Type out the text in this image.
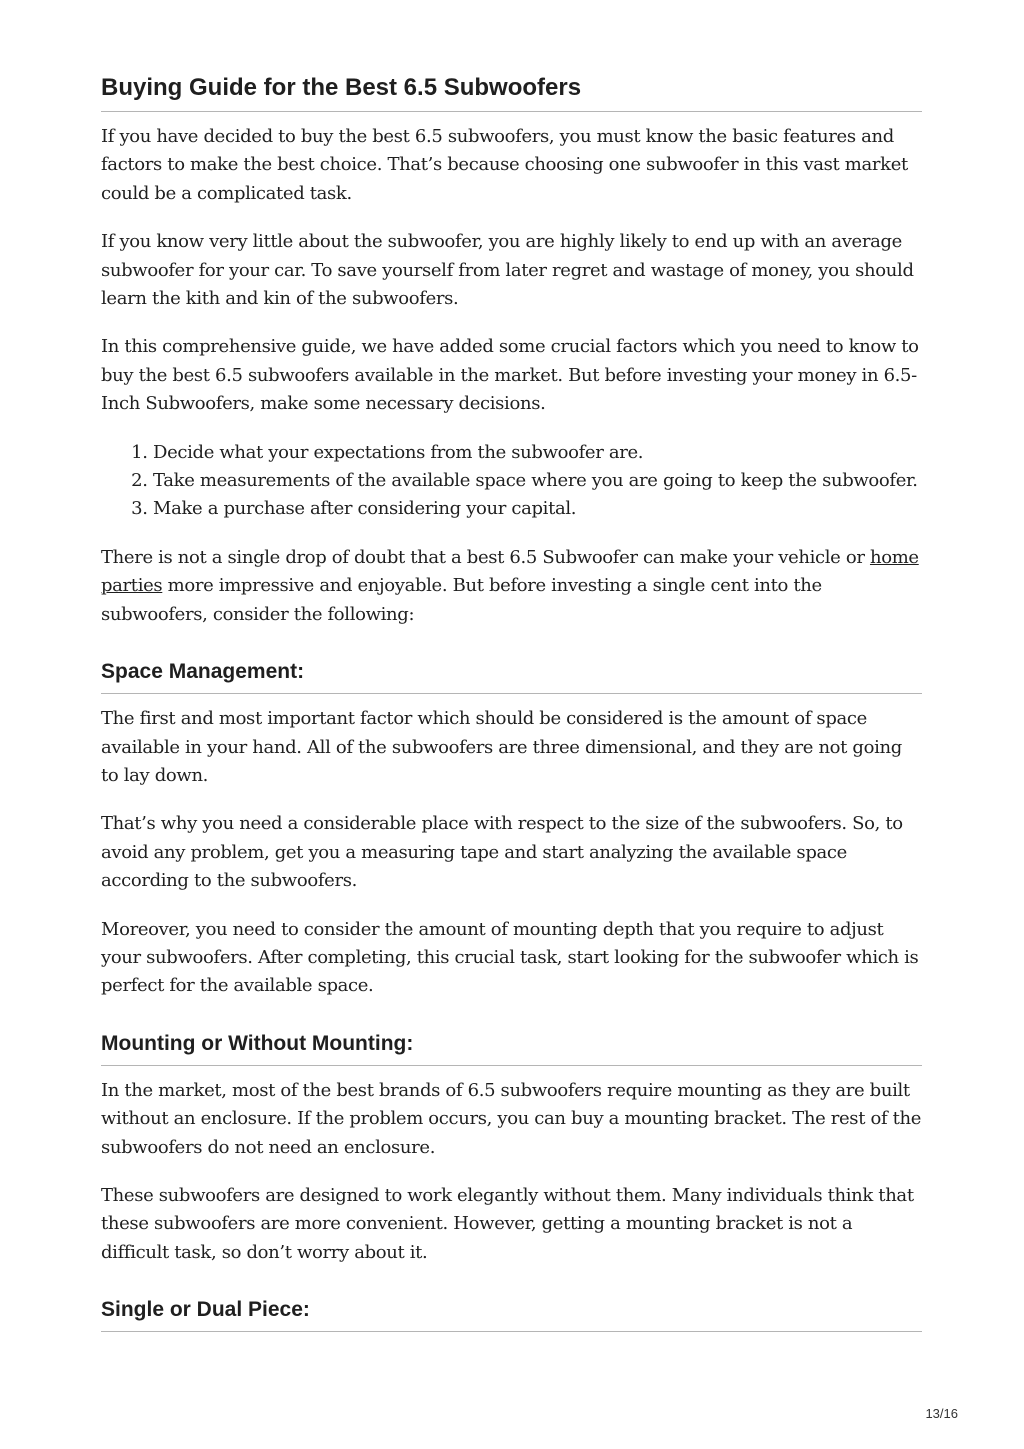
Buying Guide for the Best 6.5 Subwoofers

If you have decided to buy the best 6.5 subwoofers, you must know the basic features and factors to make the best choice. That’s because choosing one subwoofer in this vast market could be a complicated task.

If you know very little about the subwoofer, you are highly likely to end up with an average subwoofer for your car. To save yourself from later regret and wastage of money, you should learn the kith and kin of the subwoofers.

In this comprehensive guide, we have added some crucial factors which you need to know to buy the best 6.5 subwoofers available in the market. But before investing your money in 6.5-Inch Subwoofers, make some necessary decisions.

1. Decide what your expectations from the subwoofer are.
2. Take measurements of the available space where you are going to keep the subwoofer.
3. Make a purchase after considering your capital.

There is not a single drop of doubt that a best 6.5 Subwoofer can make your vehicle or home parties more impressive and enjoyable. But before investing a single cent into the subwoofers, consider the following:

Space Management:

The first and most important factor which should be considered is the amount of space available in your hand. All of the subwoofers are three dimensional, and they are not going to lay down.

That’s why you need a considerable place with respect to the size of the subwoofers. So, to avoid any problem, get you a measuring tape and start analyzing the available space according to the subwoofers.

Moreover, you need to consider the amount of mounting depth that you require to adjust your subwoofers. After completing, this crucial task, start looking for the subwoofer which is perfect for the available space.

Mounting or Without Mounting:

In the market, most of the best brands of 6.5 subwoofers require mounting as they are built without an enclosure. If the problem occurs, you can buy a mounting bracket. The rest of the subwoofers do not need an enclosure.

These subwoofers are designed to work elegantly without them. Many individuals think that these subwoofers are more convenient. However, getting a mounting bracket is not a difficult task, so don’t worry about it.

Single or Dual Piece:
13/16
